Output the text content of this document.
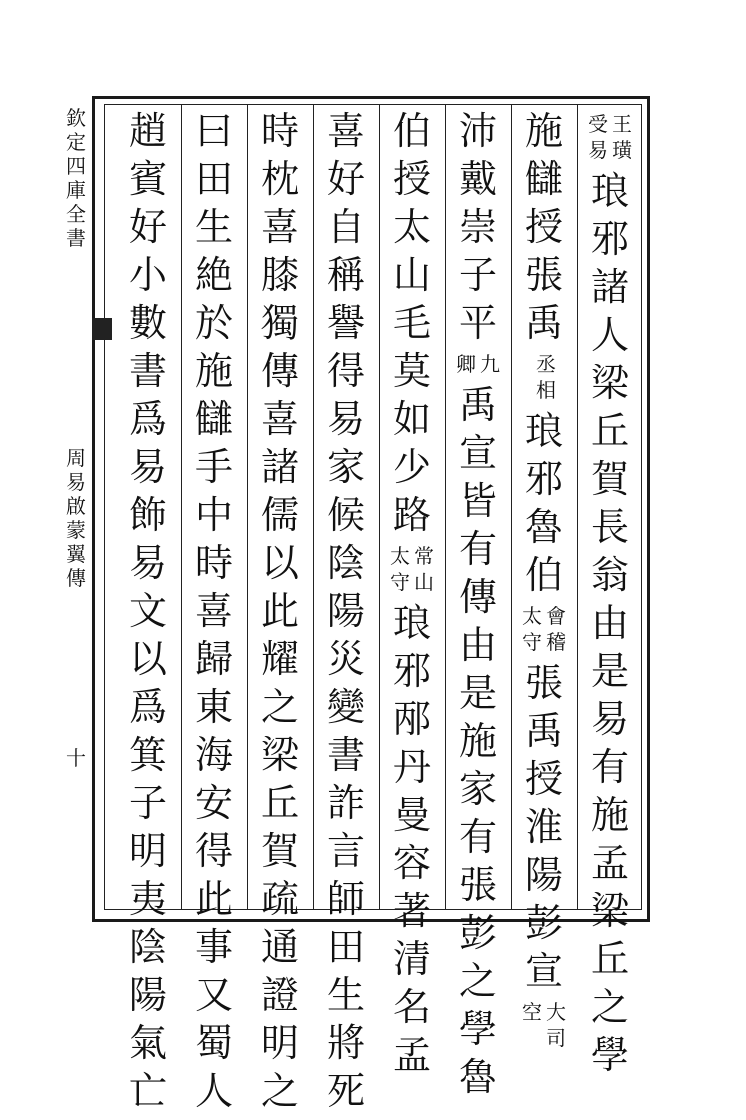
欽
定
四
庫
全
書
周
易
啟
蒙
翼
傳
十
王
璜
受
易
琅
邪
諸
人
梁
丘
賀
長
翁
由
是
易
有
施
孟
梁
丘
之
學
施
讎
授
張
禹
丞
相
琅
邪
魯
伯
會
稽
太
守
張
禹
授
淮
陽
彭
宣
大
司
空
沛
戴
崇
子
平
九
卿
禹
宣
皆
有
傳
由
是
施
家
有
張
彭
之
學
魯
伯
授
太
山
毛
莫
如
少
路
常
山
太
守
琅
邪
邴
丹
曼
容
著
清
名
孟
喜
好
自
稱
譽
得
易
家
候
陰
陽
災
變
書
詐
言
師
田
生
將
死
時
枕
喜
膝
獨
傳
喜
諸
儒
以
此
耀
之
梁
丘
賀
疏
通
證
明
之
曰
田
生
絶
於
施
讎
手
中
時
喜
歸
東
海
安
得
此
事
又
蜀
人
趙
賓
好
小
數
書
爲
易
飾
易
文
以
爲
箕
子
明
夷
陰
陽
氣
亡
